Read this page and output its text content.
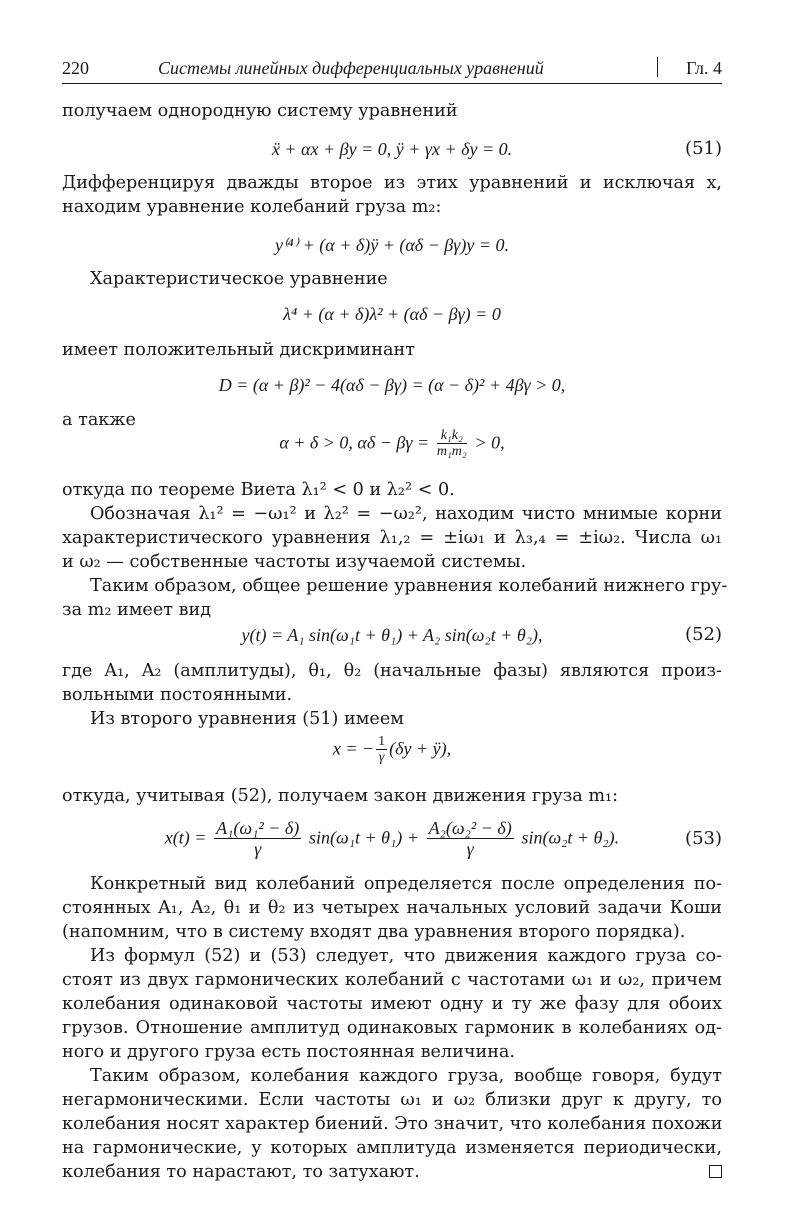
220	Системы линейных дифференциальных уравнений	Гл. 4
получаем однородную систему уравнений
ẍ + αx + βy = 0, ÿ + γx + δy = 0.	(51)
Дифференцируя дважды второе из этих уравнений и исключая x,
находим уравнение колебаний груза m₂:
y⁽⁴⁾ + (α + δ)ÿ + (αδ − βγ)y = 0.
Характеристическое уравнение
λ⁴ + (α + δ)λ² + (αδ − βγ) = 0
имеет положительный дискриминант
D = (α + β)² − 4(αδ − βγ) = (α − δ)² + 4βγ > 0,
а также
α + δ > 0, $\alpha\delta - \beta\gamma = \frac{\text{k₁k₂}}{\text{m₁m₂}} > 0$,
откуда по теореме Виета λ₁² < 0 и λ₂² < 0.
Обозначая λ₁² = −ω₁² и λ₂² = −ω₂², находим чисто мнимые корни
характеристического уравнения λ₁,₂ = ±iω₁ и λ₃,₄ = ±iω₂. Числа ω₁
и ω₂ — собственные частоты изучаемой системы.
Таким образом, общее решение уравнения колебаний нижнего гру-
за m₂ имеет вид
y(t) = A₁ sin(ω₁t + θ₁) + A₂ sin(ω₂t + θ₂),	(52)
где A₁, A₂ (амплитуды), θ₁, θ₂ (начальные фазы) являются произ-
вольными постоянными.
Из второго уравнения (51) имеем
x = − $\frac{1}{\gamma} (\delta y$ + ÿ),
откуда, учитывая (52), получаем закон движения груза m₁:
$x(t) = \frac{\text{A₁(ω₁² − δ)}}{\gamma} \sin(\omega_1t + \theta_1) + \frac{\text{A₂(ω₂² − δ)}}{\gamma} \sin(\omega_2t + \theta_2)$.	(53)
Конкретный вид колебаний определяется после определения по-
стоянных A₁, A₂, θ₁ и θ₂ из четырех начальных условий задачи Коши
(напомним, что в систему входят два уравнения второго порядка).
Из формул (52) и (53) следует, что движения каждого груза со-
стоят из двух гармонических колебаний с частотами ω₁ и ω₂, причем
колебания одинаковой частоты имеют одну и ту же фазу для обоих
грузов. Отношение амплитуд одинаковых гармоник в колебаниях од-
ного и другого груза есть постоянная величина.
Таким образом, колебания каждого груза, вообще говоря, будут
негармоническими. Если частоты ω₁ и ω₂ близки друг к другу, то
колебания носят характер биений. Это значит, что колебания похожи
на гармонические, у которых амплитуда изменяется периодически,
колебания то нарастают, то затухают.
